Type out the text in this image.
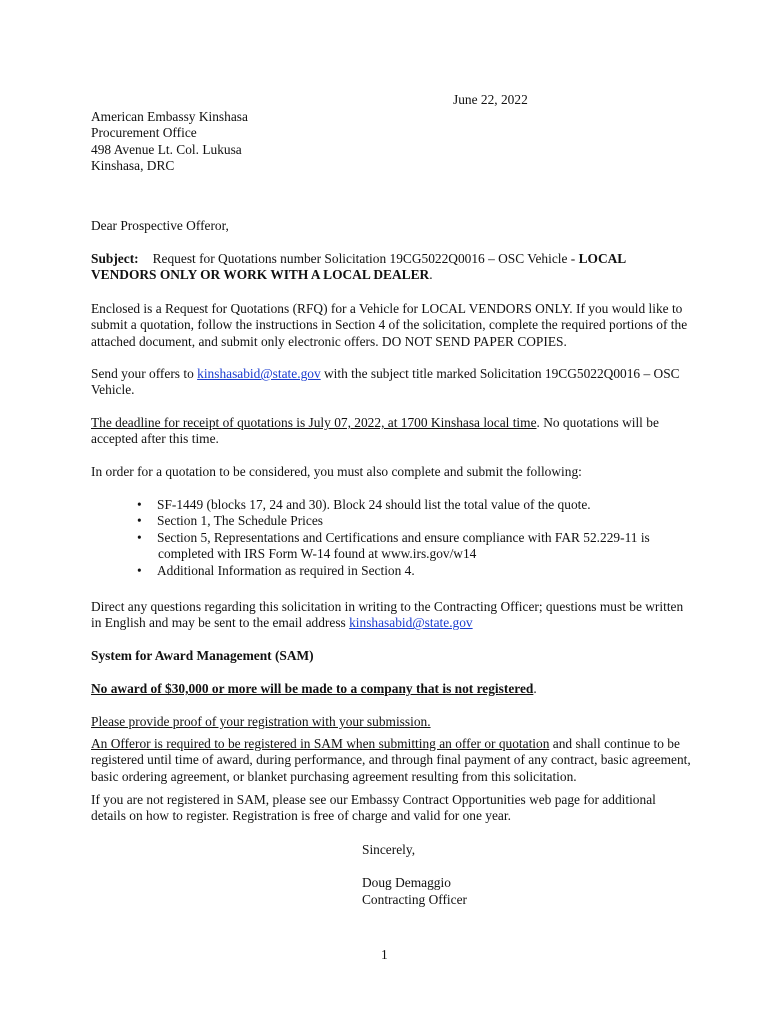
June 22, 2022
American Embassy Kinshasa
Procurement Office
498 Avenue Lt. Col. Lukusa
Kinshasa, DRC
Dear Prospective Offeror,
Subject: Request for Quotations number Solicitation 19CG5022Q0016 – OSC Vehicle - LOCAL
VENDORS ONLY OR WORK WITH A LOCAL DEALER.

Enclosed is a Request for Quotations (RFQ) for a Vehicle for LOCAL VENDORS ONLY. If you would like to submit a quotation, follow the instructions in Section 4 of the solicitation, complete the required portions of the attached document, and submit only electronic offers. DO NOT SEND PAPER COPIES.

Send your offers to kinshasabid@state.gov with the subject title marked Solicitation 19CG5022Q0016 – OSC Vehicle.

The deadline for receipt of quotations is July 07, 2022, at 1700 Kinshasa local time. No quotations will be accepted after this time.

In order for a quotation to be considered, you must also complete and submit the following:
• SF-1449 (blocks 17, 24 and 30). Block 24 should list the total value of the quote.
• Section 1, The Schedule Prices
• Section 5, Representations and Certifications and ensure compliance with FAR 52.229-11 is
completed with IRS Form W-14 found at www.irs.gov/w14
• Additional Information as required in Section 4.

Direct any questions regarding this solicitation in writing to the Contracting Officer; questions must be written in English and may be sent to the email address kinshasabid@state.gov

System for Award Management (SAM)
No award of $30,000 or more will be made to a company that is not registered.
Please provide proof of your registration with your submission.

An Offeror is required to be registered in SAM when submitting an offer or quotation and shall continue to be registered until time of award, during performance, and through final payment of any contract, basic agreement, basic ordering agreement, or blanket purchasing agreement resulting from this solicitation.

If you are not registered in SAM, please see our Embassy Contract Opportunities web page for additional details on how to register. Registration is free of charge and valid for one year.

Sincerely,
Doug Demaggio
Contracting Officer
1
